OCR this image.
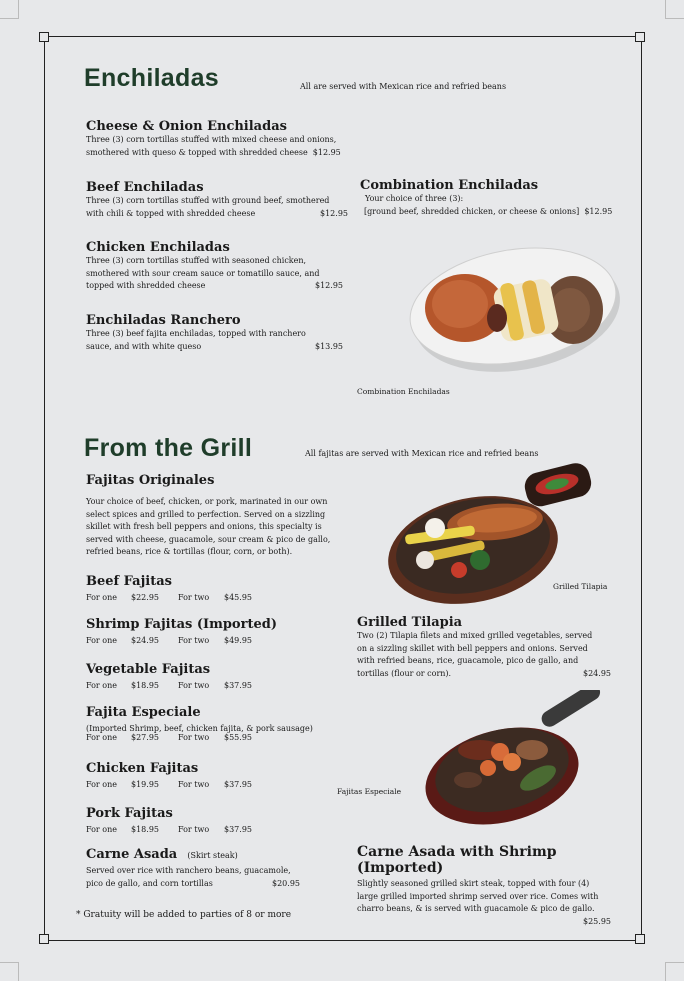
Enchiladas	All are served with Mexican rice and refried beans
Cheese & Onion Enchiladas
Three (3) corn tortillas stuffed with mixed cheese and onions,
smothered with queso & topped with shredded cheese $12.95
Beef Enchiladas
Three (3) corn tortillas stuffed with ground beef, smothered
with chili & topped with shredded cheese	$12.95
Chicken Enchiladas
Three (3) corn tortillas stuffed with seasoned chicken,
smothered with sour cream sauce or tomatillo sauce, and
topped with shredded cheese	$12.95
Enchiladas Ranchero
Three (3) beef fajita enchiladas, topped with ranchero
sauce, and with white queso	$13.95
Combination Enchiladas
Your choice of three (3):
[ground beef, shredded chicken, or cheese & onions] $12.95
Combination Enchiladas
From the Grill	All fajitas are served with Mexican rice and refried beans
Fajitas Originales
Your choice of beef, chicken, or pork, marinated in our own
select spices and grilled to perfection. Served on a sizzling
skillet with fresh bell peppers and onions, this specialty is
served with cheese, guacamole, sour cream & pico de gallo,
refried beans, rice & tortillas (flour, corn, or both).
Beef Fajitas
For one $22.95 For two $45.95
Shrimp Fajitas (Imported)
For one $24.95 For two $49.95
Vegetable Fajitas
For one $18.95 For two $37.95
Fajita Especiale
(Imported Shrimp, beef, chicken fajita, & pork sausage)
For one $27.95 For two $55.95
Chicken Fajitas
For one $19.95 For two $37.95
Pork Fajitas
For one $18.95 For two $37.95
Carne Asada (Skirt steak)
Served over rice with ranchero beans, guacamole,
pico de gallo, and corn tortillas	$20.95
* Gratuity will be added to parties of 8 or more
Grilled Tilapia
Grilled Tilapia
Two (2) Tilapia filets and mixed grilled vegetables, served
on a sizzling skillet with bell peppers and onions. Served
with refried beans, rice, guacamole, pico de gallo, and
tortillas (flour or corn).	$24.95
Fajitas Especiale
Carne Asada with Shrimp (Imported)
Slightly seasoned grilled skirt steak, topped with four (4)
large grilled imported shrimp served over rice. Comes with
charro beans, & is served with guacamole & pico de gallo.
$25.95
